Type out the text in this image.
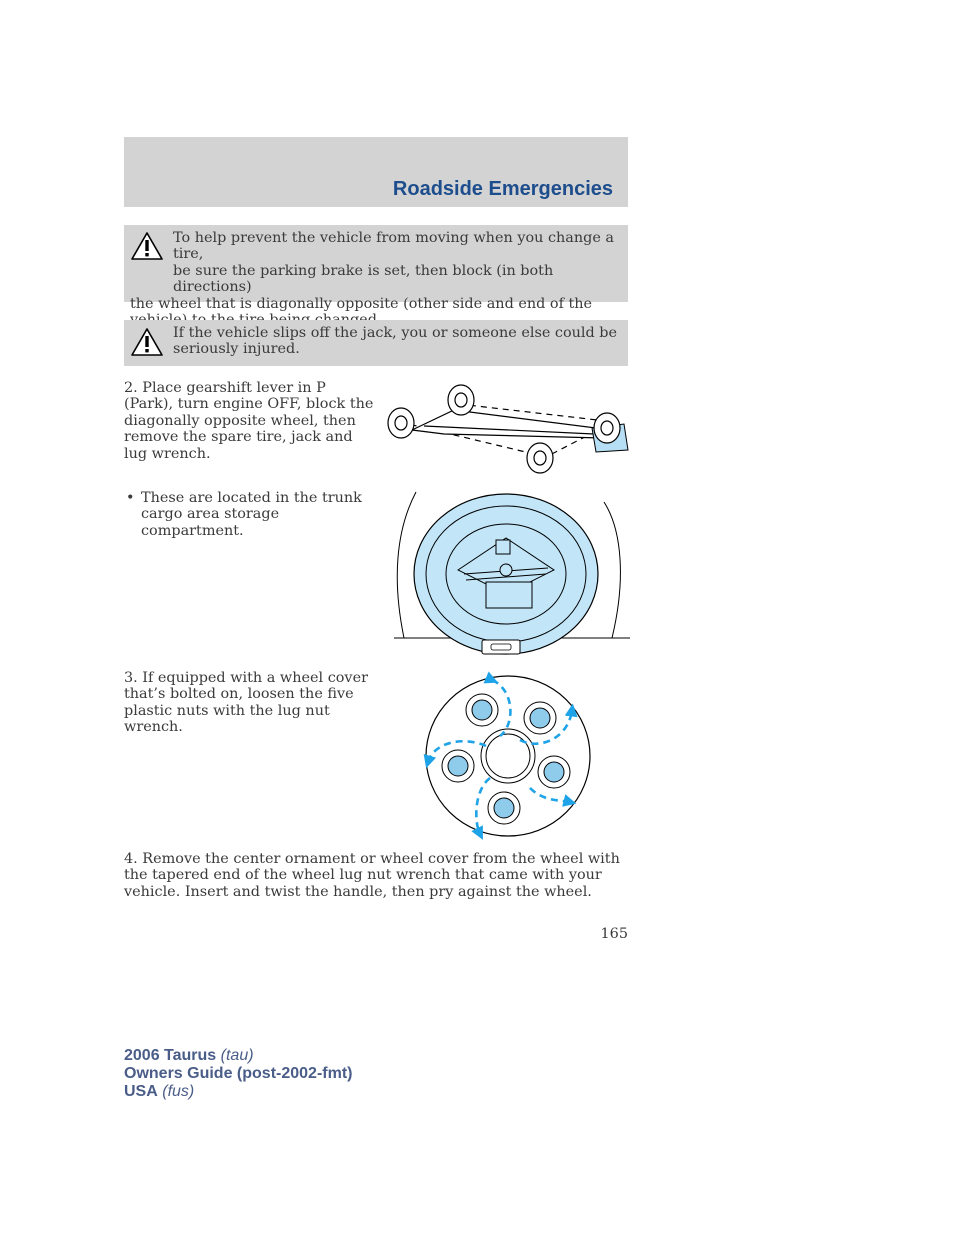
Roadside Emergencies
To help prevent the vehicle from moving when you change a tire,
be sure the parking brake is set, then block (in both directions)
the wheel that is diagonally opposite (other side and end of the
If the vehicle slips off the jack, you or someone else could be
seriously injured.
2. Place gearshift lever in P (Park), turn engine OFF, block the diagonally opposite wheel, then remove the spare tire, jack and lug wrench.
• These are located in the trunk cargo area storage compartment.
3. If equipped with a wheel cover that’s bolted on, loosen the five plastic nuts with the lug nut wrench.
4. Remove the center ornament or wheel cover from the wheel with the tapered end of the wheel lug nut wrench that came with your vehicle. Insert and twist the handle, then pry against the wheel.
165
2006 Taurus (tau)
Owners Guide (post-2002-fmt)
USA (fus)
